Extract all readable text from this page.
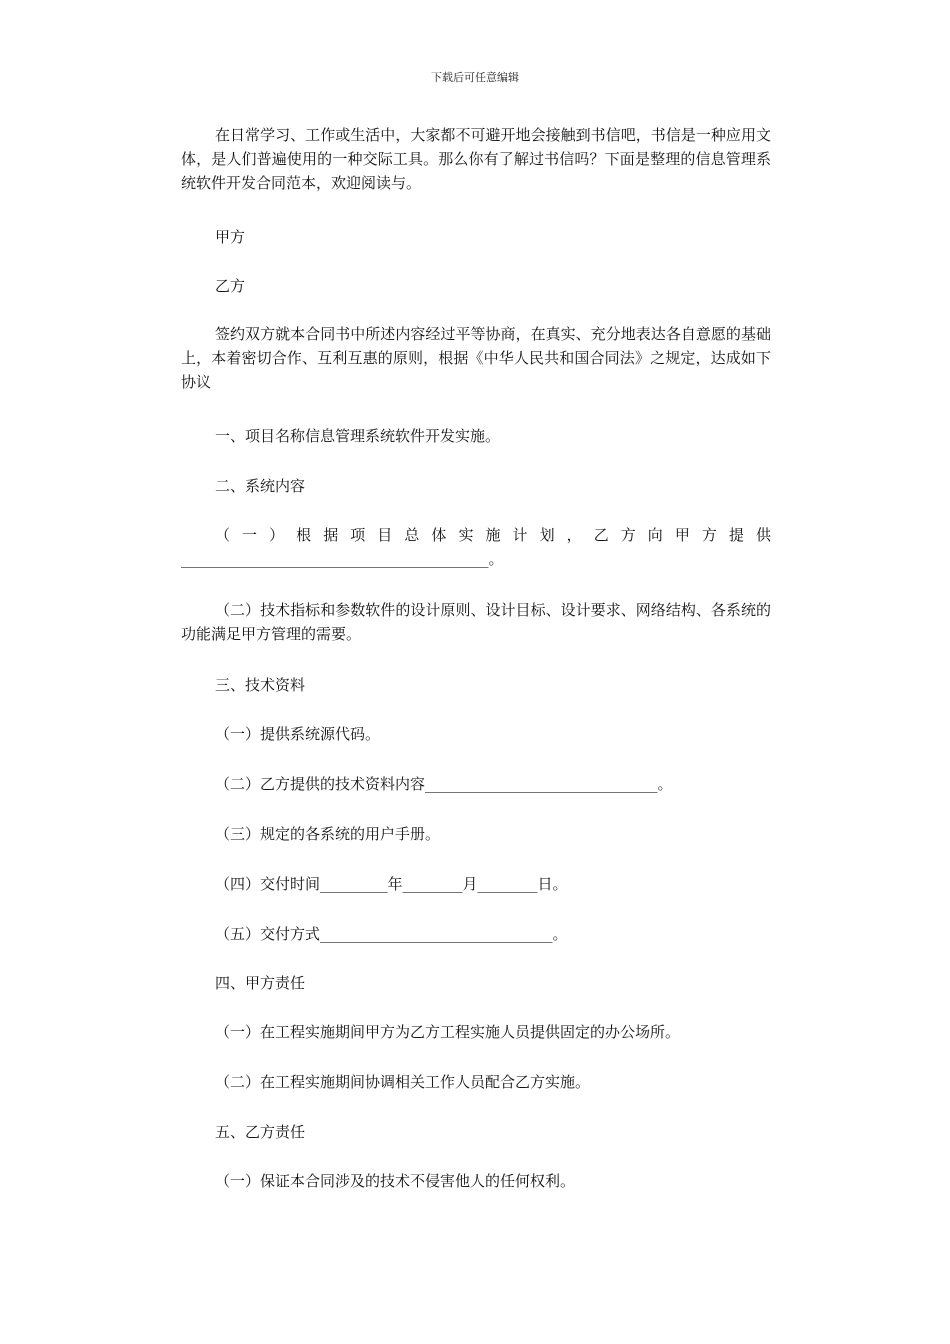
下载后可任意编辑

在日常学习、工作或生活中，大家都不可避开地会接触到书信吧，书信是一种应用文体，是人们普遍使用的一种交际工具。那么你有了解过书信吗？下面是整理的信息管理系统软件开发合同范本，欢迎阅读与。

甲方

乙方

签约双方就本合同书中所述内容经过平等协商，在真实、充分地表达各自意愿的基础上，本着密切合作、互利互惠的原则，根据《中华人民共和国合同法》之规定，达成如下协议

一、项目名称信息管理系统软件开发实施。

二、系统内容

（一）根据项目总体实施计划，乙方向甲方提供_________________________________________。

（二）技术指标和参数软件的设计原则、设计目标、设计要求、网络结构、各系统的功能满足甲方管理的需要。

三、技术资料

（一）提供系统源代码。

（二）乙方提供的技术资料内容_______________________________。

（三）规定的各系统的用户手册。

（四）交付时间_________年________月________日。

（五）交付方式_______________________________。

四、甲方责任

（一）在工程实施期间甲方为乙方工程实施人员提供固定的办公场所。

（二）在工程实施期间协调相关工作人员配合乙方实施。

五、乙方责任

（一）保证本合同涉及的技术不侵害他人的任何权利。
